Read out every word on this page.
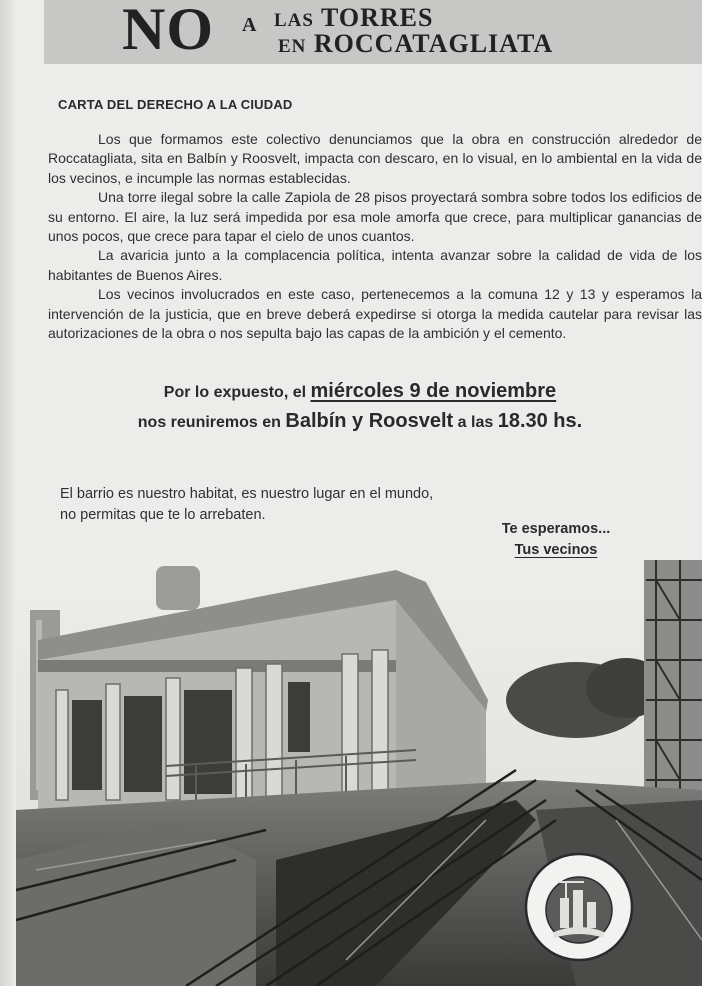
NO A LAS TORRES
EN ROCCATAGLIATA
CARTA DEL DERECHO A LA CIUDAD

Los que formamos este colectivo denunciamos que la obra en construcción alrededor de Roccatagliata, sita en Balbín y Roosvelt, impacta con descaro, en lo visual, en lo ambiental en la vida de los vecinos, e incumple las normas establecidas.

Una torre ilegal sobre la calle Zapiola de 28 pisos proyectará sombra sobre todos los edificios de su entorno. El aire, la luz será impedida por esa mole amorfa que crece, para multiplicar ganancias de unos pocos, que crece para tapar el cielo de unos cuantos.

La avaricia junto a la complacencia política, intenta avanzar sobre la calidad de vida de los habitantes de Buenos Aires.

Los vecinos involucrados en este caso, pertenecemos a la comuna 12 y 13 y esperamos la intervención de la justicia, que en breve deberá expedirse si otorga la medida cautelar para revisar las autorizaciones de la obra o nos sepulta bajo las capas de la ambición y el cemento.

Por lo expuesto, el miércoles 9 de noviembre
nos reuniremos en Balbín y Roosvelt a las 18.30 hs.
El barrio es nuestro habitat, es nuestro lugar en el mundo,
no permitas que te lo arrebaten.
Te esperamos...
Tus vecinos
